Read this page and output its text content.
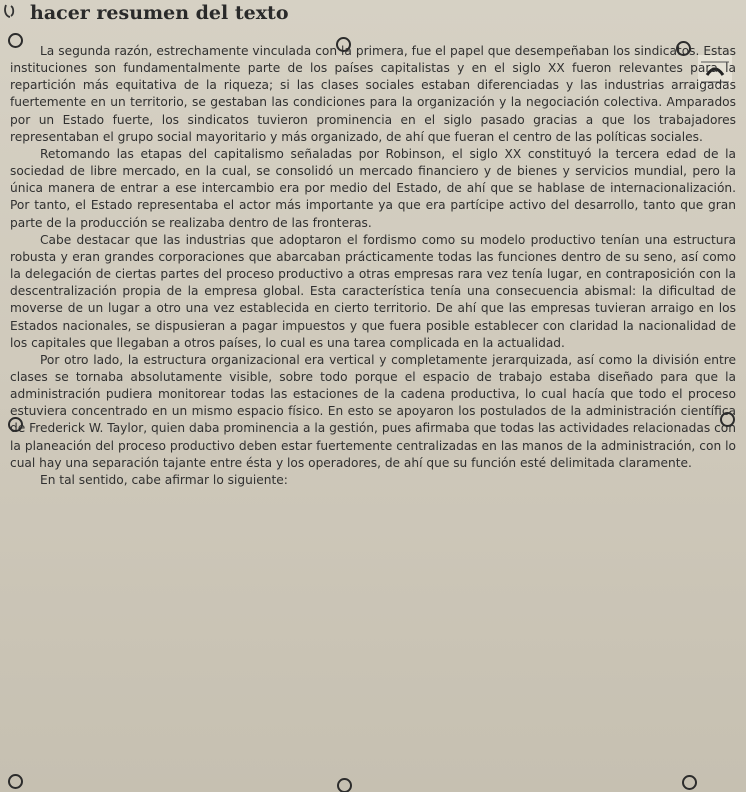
hacer resumen del texto

La segunda razón, estrechamente vinculada con la primera, fue el papel que desempeñaban los sindicatos. Estas instituciones son fundamentalmente parte de los países capitalistas y en el siglo XX fueron relevantes para la repartición más equitativa de la riqueza; si las clases sociales estaban diferenciadas y las industrias arraigadas fuertemente en un territorio, se gestaban las condiciones para la organización y la negociación colectiva. Amparados por un Estado fuerte, los sindicatos tuvieron prominencia en el siglo pasado gracias a que los trabajadores representaban el grupo social mayoritario y más organizado, de ahí que fueran el centro de las políticas sociales.

Retomando las etapas del capitalismo señaladas por Robinson, el siglo XX constituyó la tercera edad de la sociedad de libre mercado, en la cual, se consolidó un mercado financiero y de bienes y servicios mundial, pero la única manera de entrar a ese intercambio era por medio del Estado, de ahí que se hablase de internacionalización. Por tanto, el Estado representaba el actor más importante ya que era partícipe activo del desarrollo, tanto que gran parte de la producción se realizaba dentro de las fronteras.

Cabe destacar que las industrias que adoptaron el fordismo como su modelo productivo tenían una estructura robusta y eran grandes corporaciones que abarcaban prácticamente todas las funciones dentro de su seno, así como la delegación de ciertas partes del proceso productivo a otras empresas rara vez tenía lugar, en contraposición con la descentralización propia de la empresa global. Esta característica tenía una consecuencia abismal: la dificultad de moverse de un lugar a otro una vez establecida en cierto territorio. De ahí que las empresas tuvieran arraigo en los Estados nacionales, se dispusieran a pagar impuestos y que fuera posible establecer con claridad la nacionalidad de los capitales que llegaban a otros países, lo cual es una tarea complicada en la actualidad.

Por otro lado, la estructura organizacional era vertical y completamente jerarquizada, así como la división entre clases se tornaba absolutamente visible, sobre todo porque el espacio de trabajo estaba diseñado para que la administración pudiera monitorear todas las estaciones de la cadena productiva, lo cual hacía que todo el proceso estuviera concentrado en un mismo espacio físico. En esto se apoyaron los postulados de la administración científica de Frederick W. Taylor, quien daba prominencia a la gestión, pues afirmaba que todas las actividades relacionadas con la planeación del proceso productivo deben estar fuertemente centralizadas en las manos de la administración, con lo cual hay una separación tajante entre ésta y los operadores, de ahí que su función esté delimitada claramente.

En tal sentido, cabe afirmar lo siguiente:
